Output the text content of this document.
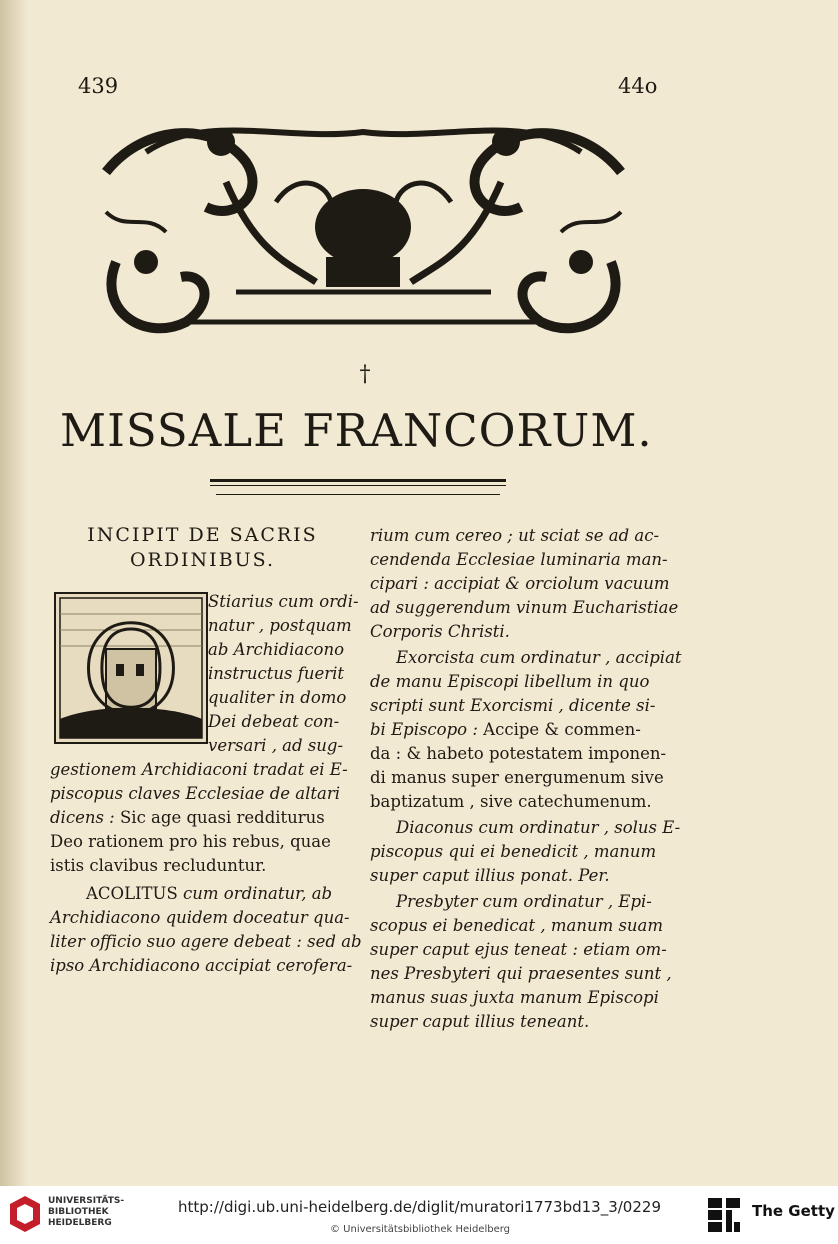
439	44o
†
MISSALE FRANCORUM.
INCIPIT DE SACRIS
ORDINIBUS.
O
Stiarius cum ordi-
natur , postquam
ab Archidiacono
instructus fuerit
qualiter in domo
Dei debeat con-
versari , ad sug-
gestionem Archidiaconi tradat ei E-
piscopus claves Ecclesiae de altari
dicens : Sic age quasi redditurus
Deo rationem pro his rebus, quae
istis clavibus recluduntur.
ACOLITUS cum ordinatur, ab
Archidiacono quidem doceatur qua-
liter officio suo agere debeat : sed ab
ipso Archidiacono accipiat cerofera-
rium cum cereo ; ut sciat se ad ac-
cendenda Ecclesiae luminaria man-
cipari : accipiat & orciolum vacuum
ad suggerendum vinum Eucharistiae
Corporis Christi.
Exorcista cum ordinatur , accipiat
de manu Episcopi libellum in quo
scripti sunt Exorcismi , dicente si-
bi Episcopo : Accipe & commen-
da : & habeto potestatem imponen-
di manus super energumenum sive
baptizatum , sive catechumenum.
Diaconus cum ordinatur , solus E-
piscopus qui ei benedicit , manum
super caput illius ponat. Per.
Presbyter cum ordinatur , Epi-
scopus ei benedicat , manum suam
super caput ejus teneat : etiam om-
nes Presbyteri qui praesentes sunt ,
manus suas juxta manum Episcopi
super caput illius teneant.
UNIVERSITÄTS-
BIBLIOTHEK
HEIDELBERG
http://digi.ub.uni-heidelberg.de/diglit/muratori1773bd13_3/0229
© Universitätsbibliothek Heidelberg
The Getty
